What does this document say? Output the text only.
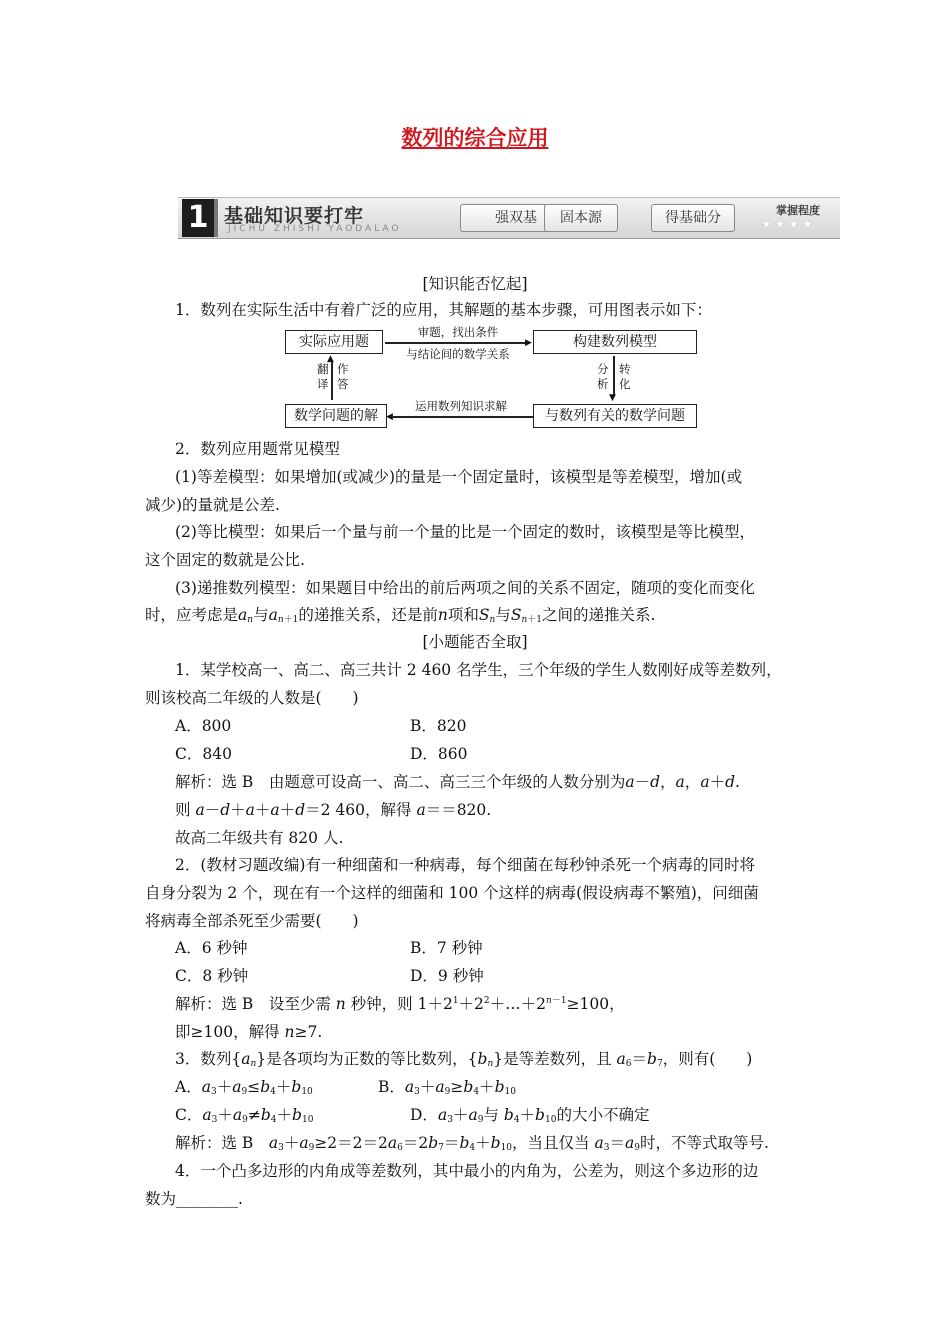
数列的综合应用
1 基础知识要打牢
JICHU ZHISHI YAODALAO
强双基	固本源	得基础分	掌握程度
★★★★
[知识能否忆起]
1．数列在实际生活中有着广泛的应用，其解题的基本步骤，可用图表示如下：
实际应用题	构建数列模型
数学问题的解	与数列有关的数学问题
审题，找出条件
▶
与结论间的数学关系
运用数列知识求解
◀
▲
翻译
作答
▼
分析
转化
2．数列应用题常见模型
(1)等差模型：如果增加(或减少)的量是一个固定量时，该模型是等差模型，增加(或
减少)的量就是公差.
(2)等比模型：如果后一个量与前一个量的比是一个固定的数时，该模型是等比模型，
这个固定的数就是公比.
(3)递推数列模型：如果题目中给出的前后两项之间的关系不固定，随项的变化而变化
时，应考虑是$a_n$与$a_{n+1}$的递推关系，还是前n项和$S_n$与$S_{n+1}$之间的递推关系.
[小题能否全取]
1．某学校高一、高二、高三共计 2 460 名学生，三个年级的学生人数刚好成等差数列，
则该校高二年级的人数是(　　)
A．800	B．820
C．840	D．860
解析：选 B　由题意可设高一、高二、高三三个年级的人数分别为a－d，a，a＋d.
则 a－d＋a＋a＋d＝2 460，解得 a＝＝820.
故高二年级共有 820 人.
2．(教材习题改编)有一种细菌和一种病毒，每个细菌在每秒钟杀死一个病毒的同时将
自身分裂为 2 个，现在有一个这样的细菌和 100 个这样的病毒(假设病毒不繁殖)，问细菌
将病毒全部杀死至少需要(　　)
A．6 秒钟	B．7 秒钟
C．8 秒钟	D．9 秒钟
解析：选 B　设至少需 n 秒钟，则 $1+2^1+2^2+\dots+2^{n-1}\ge 100$，
即≥100，解得 n≥7.
3．数列$\{a_n\}$是各项均为正数的等比数列，$\{b_n\}$是等差数列，且 $a_6=b_7$，则有(　　)
A．$a_3+a_9\le b_4+b_{10}$	B．$a_3+a_9\ge b_4+b_{10}$
C．$a_3+a_9\ne b_4+b_{10}$	D．$a_3+a_9$与 $b_4+b_{10}$的大小不确定
解析：选 B　$a_3+a_9\ge 2=2=2a_6=2b_7=b_4+b_{10}$，当且仅当 $a_3=a_9$时，不等式取等号.
4．一个凸多边形的内角成等差数列，其中最小的内角为，公差为，则这个多边形的边
数为________.
